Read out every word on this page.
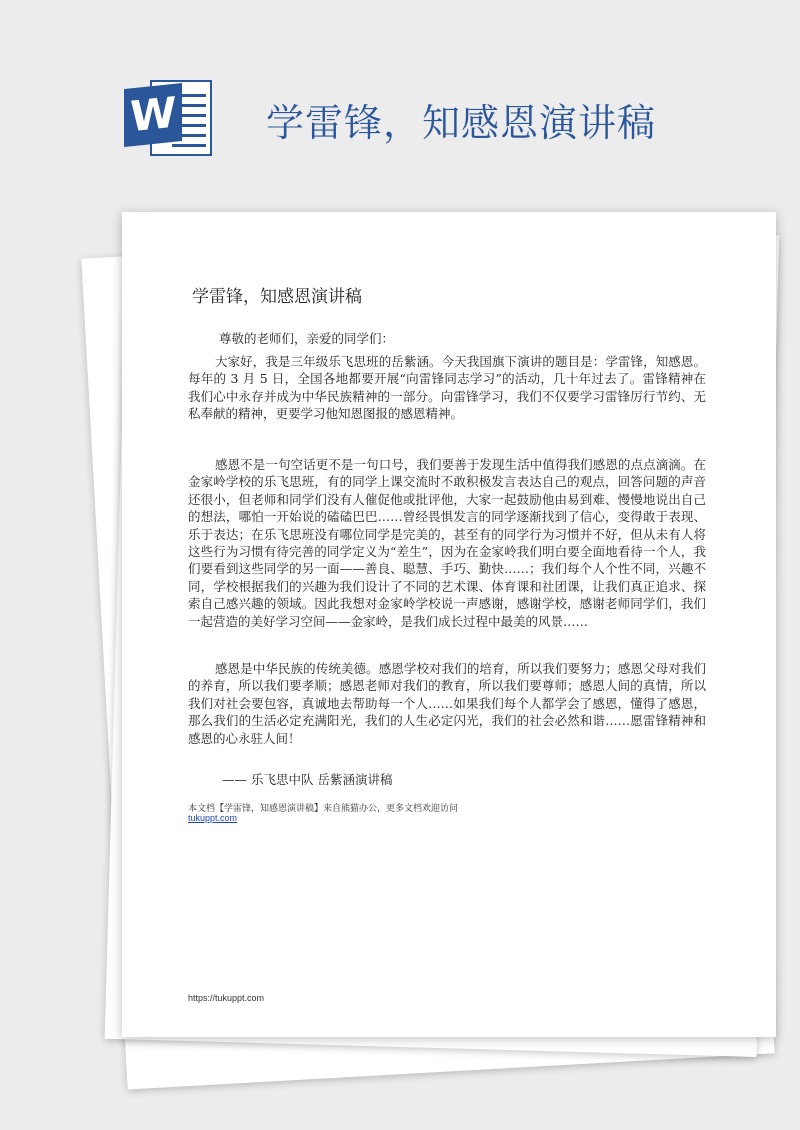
W 学雷锋，知感恩演讲稿
学雷锋，知感恩演讲稿
尊敬的老师们，亲爱的同学们：

大家好，我是三年级乐飞思班的岳紫涵。今天我国旗下演讲的题目是：学雷锋，知感恩。每年的 3 月 5 日，全国各地都要开展“向雷锋同志学习”的活动，几十年过去了。雷锋精神在我们心中永存并成为中华民族精神的一部分。向雷锋学习，我们不仅要学习雷锋厉行节约、无私奉献的精神，更要学习他知恩图报的感恩精神。

感恩不是一句空话更不是一句口号，我们要善于发现生活中值得我们感恩的点点滴滴。在金家岭学校的乐飞思班，有的同学上课交流时不敢积极发言表达自己的观点，回答问题的声音还很小，但老师和同学们没有人催促他或批评他，大家一起鼓励他由易到难、慢慢地说出自己的想法，哪怕一开始说的磕磕巴巴……曾经畏惧发言的同学逐渐找到了信心，变得敢于表现、乐于表达；在乐飞思班没有哪位同学是完美的，甚至有的同学行为习惯并不好，但从未有人将这些行为习惯有待完善的同学定义为“差生”，因为在金家岭我们明白要全面地看待一个人，我们要看到这些同学的另一面——善良、聪慧、手巧、勤快……；我们每个人个性不同，兴趣不同，学校根据我们的兴趣为我们设计了不同的艺术课、体育课和社团课，让我们真正追求、探索自己感兴趣的领域。因此我想对金家岭学校说一声感谢，感谢学校，感谢老师同学们，我们一起营造的美好学习空间——金家岭，是我们成长过程中最美的风景……

感恩是中华民族的传统美德。感恩学校对我们的培育，所以我们要努力；感恩父母对我们的养育，所以我们要孝顺；感恩老师对我们的教育，所以我们要尊师；感恩人间的真情，所以我们对社会要包容，真诚地去帮助每一个人……如果我们每个人都学会了感恩，懂得了感恩，那么我们的生活必定充满阳光，我们的人生必定闪光，我们的社会必然和谐……愿雷锋精神和感恩的心永驻人间！

—— 乐飞思中队 岳紫涵演讲稿
本文档【学雷锋，知感恩演讲稿】来自熊猫办公，更多文档欢迎访问
tukuppt.com
https://tukuppt.com
